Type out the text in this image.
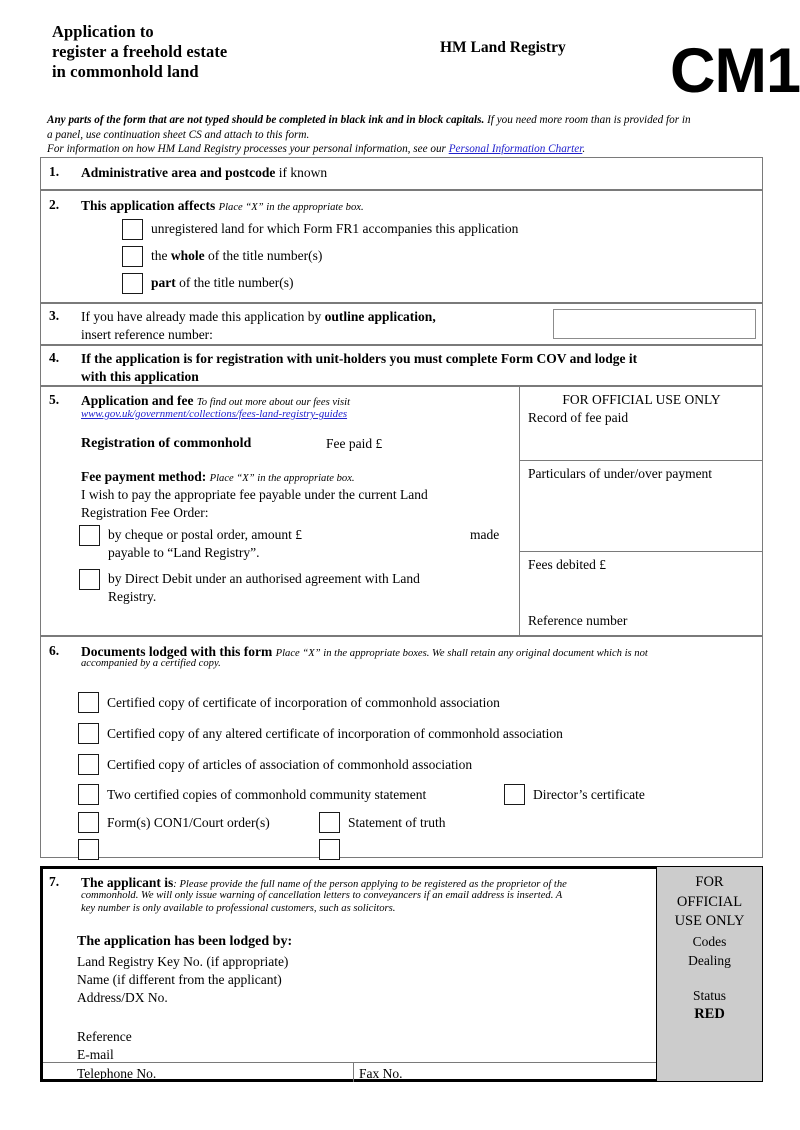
Application to
register a freehold estate
in commonhold land
HM Land Registry	CM1
Any parts of the form that are not typed should be completed in black ink and in block capitals. If you need more room than is provided for in
a panel, use continuation sheet CS and attach to this form.
For information on how HM Land Registry processes your personal information, see our Personal Information Charter.
1. Administrative area and postcode if known
2. This application affects Place “X” in the appropriate box.
unregistered land for which Form FR1 accompanies this application
the whole of the title number(s)
part of the title number(s)
3. If you have already made this application by outline application,
insert reference number:
4. If the application is for registration with unit-holders you must complete Form COV and lodge it
with this application
5. Application and fee To find out more about our fees visit
www.gov.uk/government/collections/fees-land-registry-guides
Registration of commonhold	Fee paid £
Fee payment method: Place “X” in the appropriate box.
I wish to pay the appropriate fee payable under the current Land
Registration Fee Order:
by cheque or postal order, amount £	made
payable to “Land Registry”.
by Direct Debit under an authorised agreement with Land
Registry.
FOR OFFICIAL USE ONLY
Record of fee paid
Particulars of under/over payment
Fees debited £
Reference number
6. Documents lodged with this form Place “X” in the appropriate boxes. We shall retain any original document which is not
accompanied by a certified copy.
Certified copy of certificate of incorporation of commonhold association
Certified copy of any altered certificate of incorporation of commonhold association
Certified copy of articles of association of commonhold association
Two certified copies of commonhold community statement	Director’s certificate
Form(s) CON1/Court order(s)	Statement of truth
7. The applicant is: Please provide the full name of the person applying to be registered as the proprietor of the
commonhold. We will only issue warning of cancellation letters to conveyancers if an email address is inserted. A
key number is only available to professional customers, such as solicitors.
The application has been lodged by:
Land Registry Key No. (if appropriate)
Name (if different from the applicant)
Address/DX No.
Reference
E-mail
Telephone No.	Fax No.
FOR
OFFICIAL
USE ONLY
Codes
Dealing
Status
RED
